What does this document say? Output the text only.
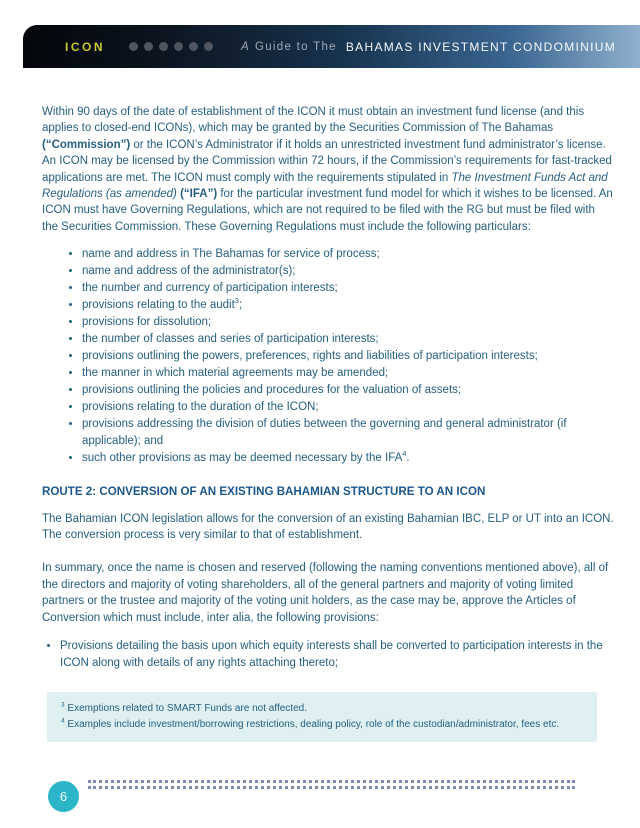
ICON	A Guide to The BAHAMAS INVESTMENT CONDOMINIUM

Within 90 days of the date of establishment of the ICON it must obtain an investment fund license (and this applies to closed-end ICONs), which may be granted by the Securities Commission of The Bahamas (“Commission”) or the ICON’s Administrator if it holds an unrestricted investment fund administrator’s license. An ICON may be licensed by the Commission within 72 hours, if the Commission’s requirements for fast-tracked applications are met. The ICON must comply with the requirements stipulated in The Investment Funds Act and Regulations (as amended) (“IFA”) for the particular investment fund model for which it wishes to be licensed. An ICON must have Governing Regulations, which are not required to be filed with the RG but must be filed with the Securities Commission. These Governing Regulations must include the following particulars:

• name and address in The Bahamas for service of process;
• name and address of the administrator(s);
• the number and currency of participation interests;
• provisions relating to the audit$^3$;
• provisions for dissolution;
• the number of classes and series of participation interests;
• provisions outlining the powers, preferences, rights and liabilities of participation interests;
• the manner in which material agreements may be amended;
• provisions outlining the policies and procedures for the valuation of assets;
• provisions relating to the duration of the ICON;
• provisions addressing the division of duties between the governing and general administrator (if applicable); and
• such other provisions as may be deemed necessary by the IFA$^4$.
ROUTE 2: CONVERSION OF AN EXISTING BAHAMIAN STRUCTURE TO AN ICON

The Bahamian ICON legislation allows for the conversion of an existing Bahamian IBC, ELP or UT into an ICON. The conversion process is very similar to that of establishment.

In summary, once the name is chosen and reserved (following the naming conventions mentioned above), all of the directors and majority of voting shareholders, all of the general partners and majority of voting limited partners or the trustee and majority of the voting unit holders, as the case may be, approve the Articles of Conversion which must include, inter alia, the following provisions:

• Provisions detailing the basis upon which equity interests shall be converted to participation interests in the ICON along with details of any rights attaching thereto;

$^3$ Exemptions related to SMART Funds are not affected.

$^4$ Examples include investment/borrowing restrictions, dealing policy, role of the custodian/administrator, fees etc.

6
